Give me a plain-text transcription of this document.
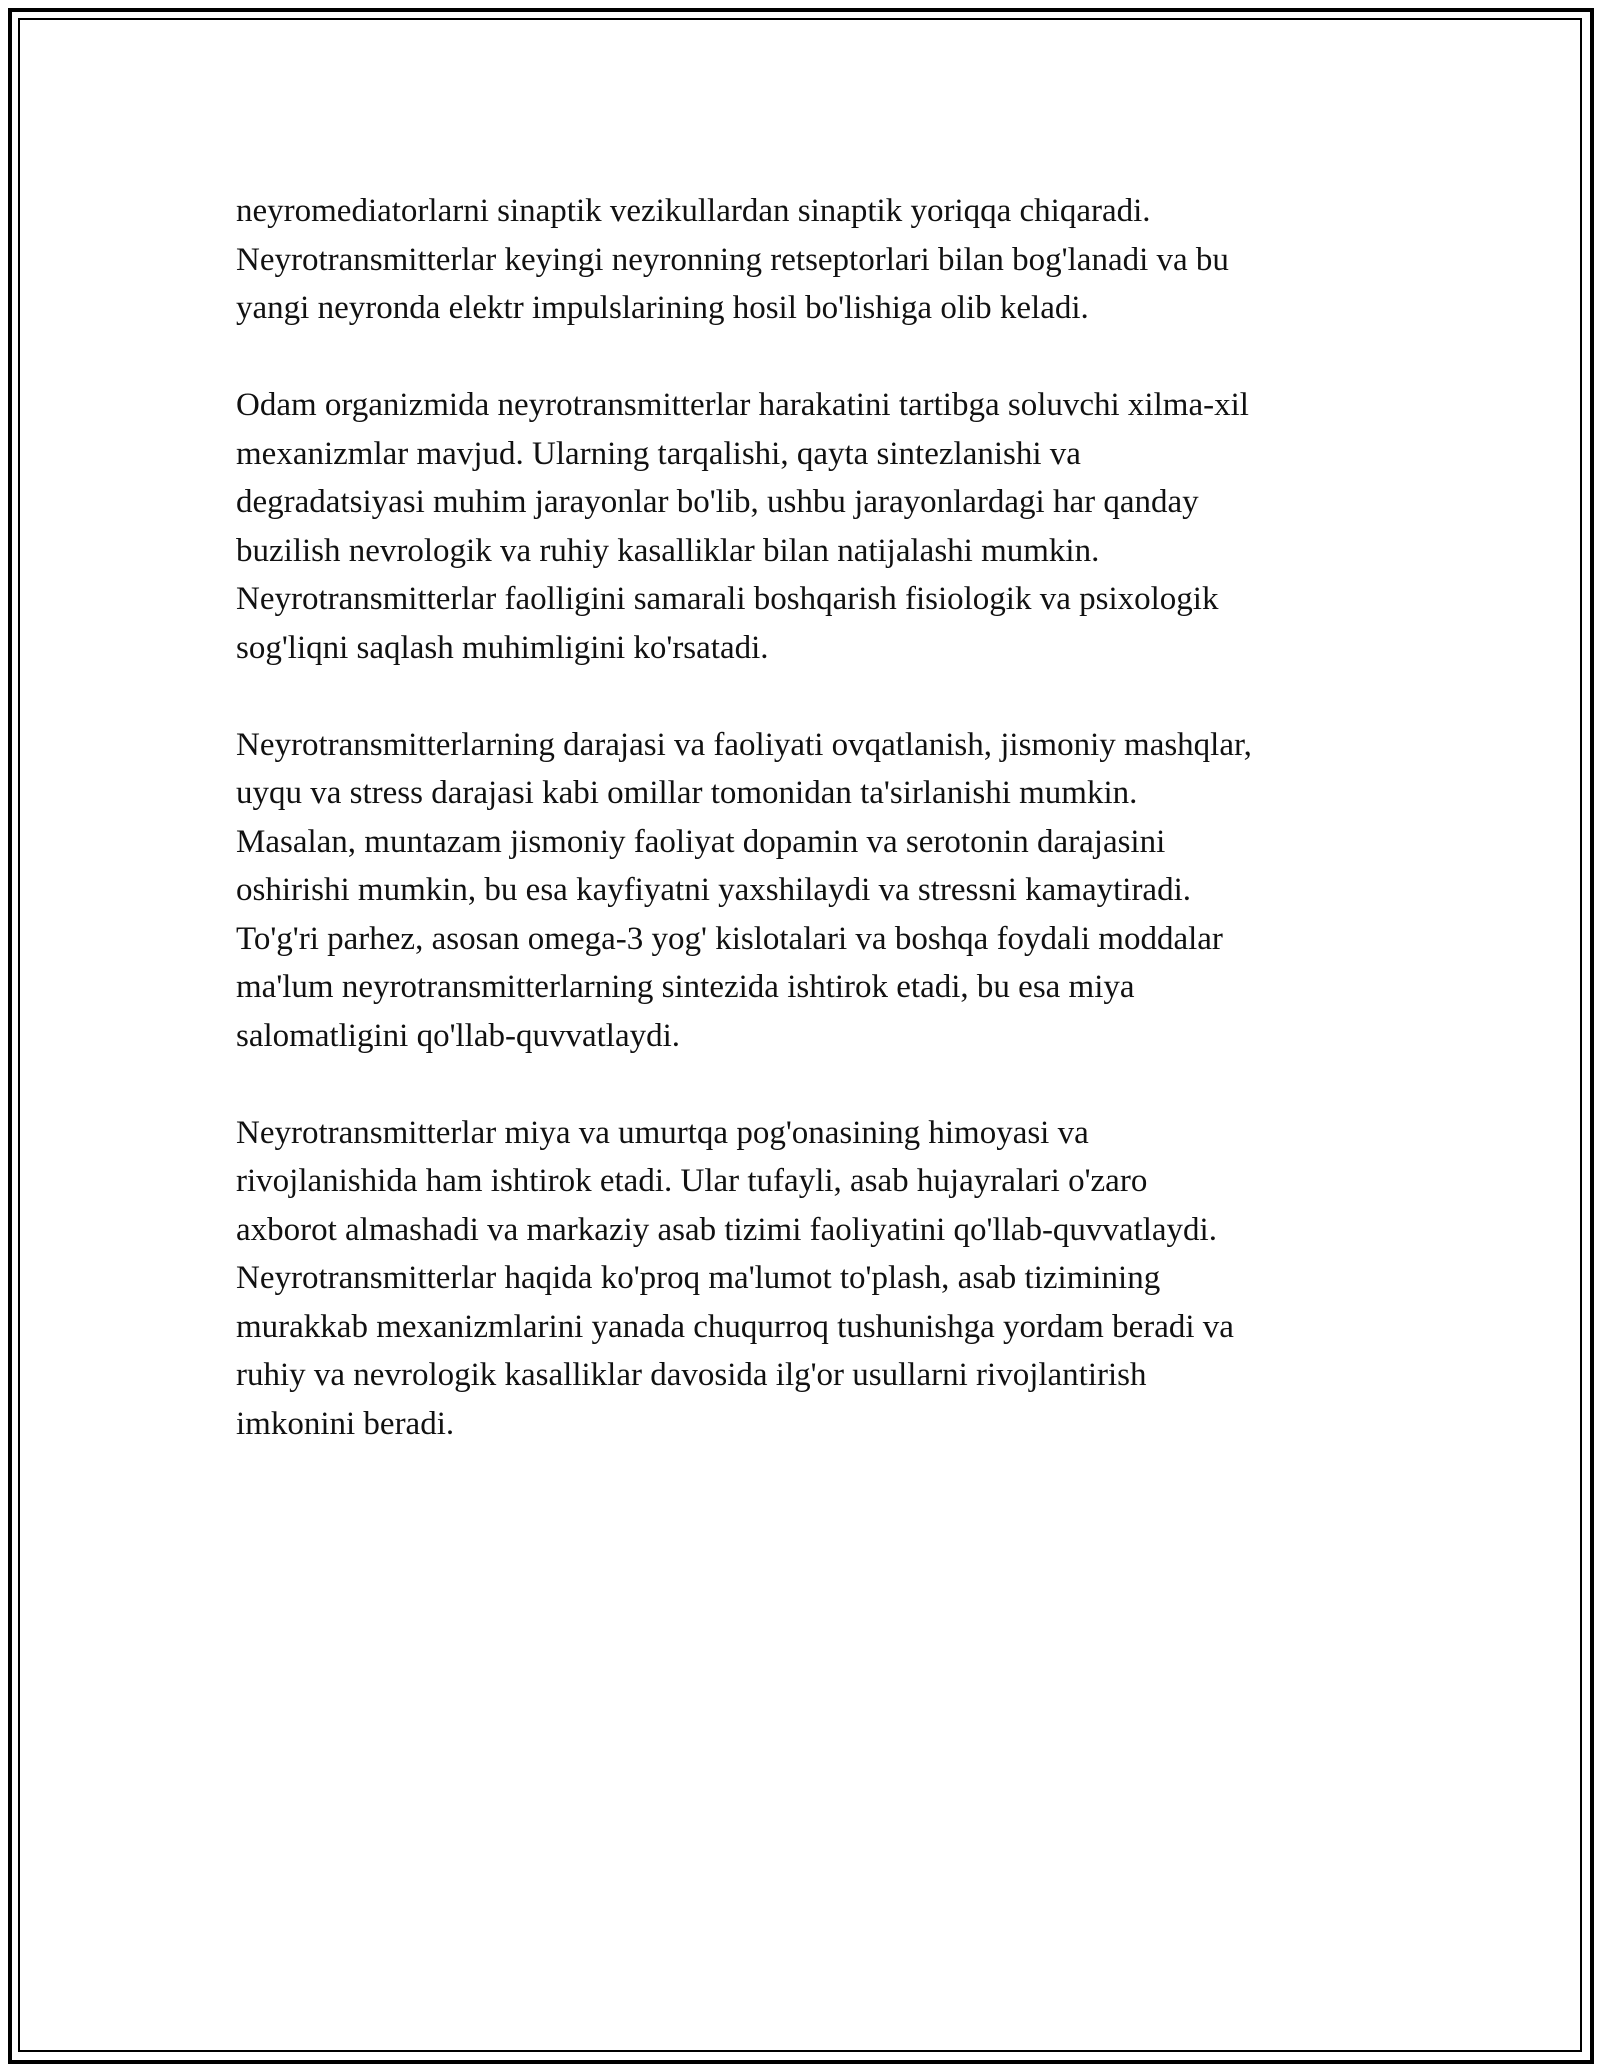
neyromediatorlarni sinaptik vezikullardan sinaptik yoriqqa chiqaradi.
Neyrotransmitterlar keyingi neyronning retseptorlari bilan bog'lanadi va bu
yangi neyronda elektr impulslarining hosil bo'lishiga olib keladi.

Odam organizmida neyrotransmitterlar harakatini tartibga soluvchi xilma-xil
mexanizmlar mavjud. Ularning tarqalishi, qayta sintezlanishi va
degradatsiyasi muhim jarayonlar bo'lib, ushbu jarayonlardagi har qanday
buzilish nevrologik va ruhiy kasalliklar bilan natijalashi mumkin.
Neyrotransmitterlar faolligini samarali boshqarish fisiologik va psixologik
sog'liqni saqlash muhimligini ko'rsatadi.

Neyrotransmitterlarning darajasi va faoliyati ovqatlanish, jismoniy mashqlar,
uyqu va stress darajasi kabi omillar tomonidan ta'sirlanishi mumkin.
Masalan, muntazam jismoniy faoliyat dopamin va serotonin darajasini
oshirishi mumkin, bu esa kayfiyatni yaxshilaydi va stressni kamaytiradi.
To'g'ri parhez, asosan omega-3 yog' kislotalari va boshqa foydali moddalar
ma'lum neyrotransmitterlarning sintezida ishtirok etadi, bu esa miya
salomatligini qo'llab-quvvatlaydi.

Neyrotransmitterlar miya va umurtqa pog'onasining himoyasi va
rivojlanishida ham ishtirok etadi. Ular tufayli, asab hujayralari o'zaro
axborot almashadi va markaziy asab tizimi faoliyatini qo'llab-quvvatlaydi.
Neyrotransmitterlar haqida ko'proq ma'lumot to'plash, asab tizimining
murakkab mexanizmlarini yanada chuqurroq tushunishga yordam beradi va
ruhiy va nevrologik kasalliklar davosida ilg'or usullarni rivojlantirish
imkonini beradi.
